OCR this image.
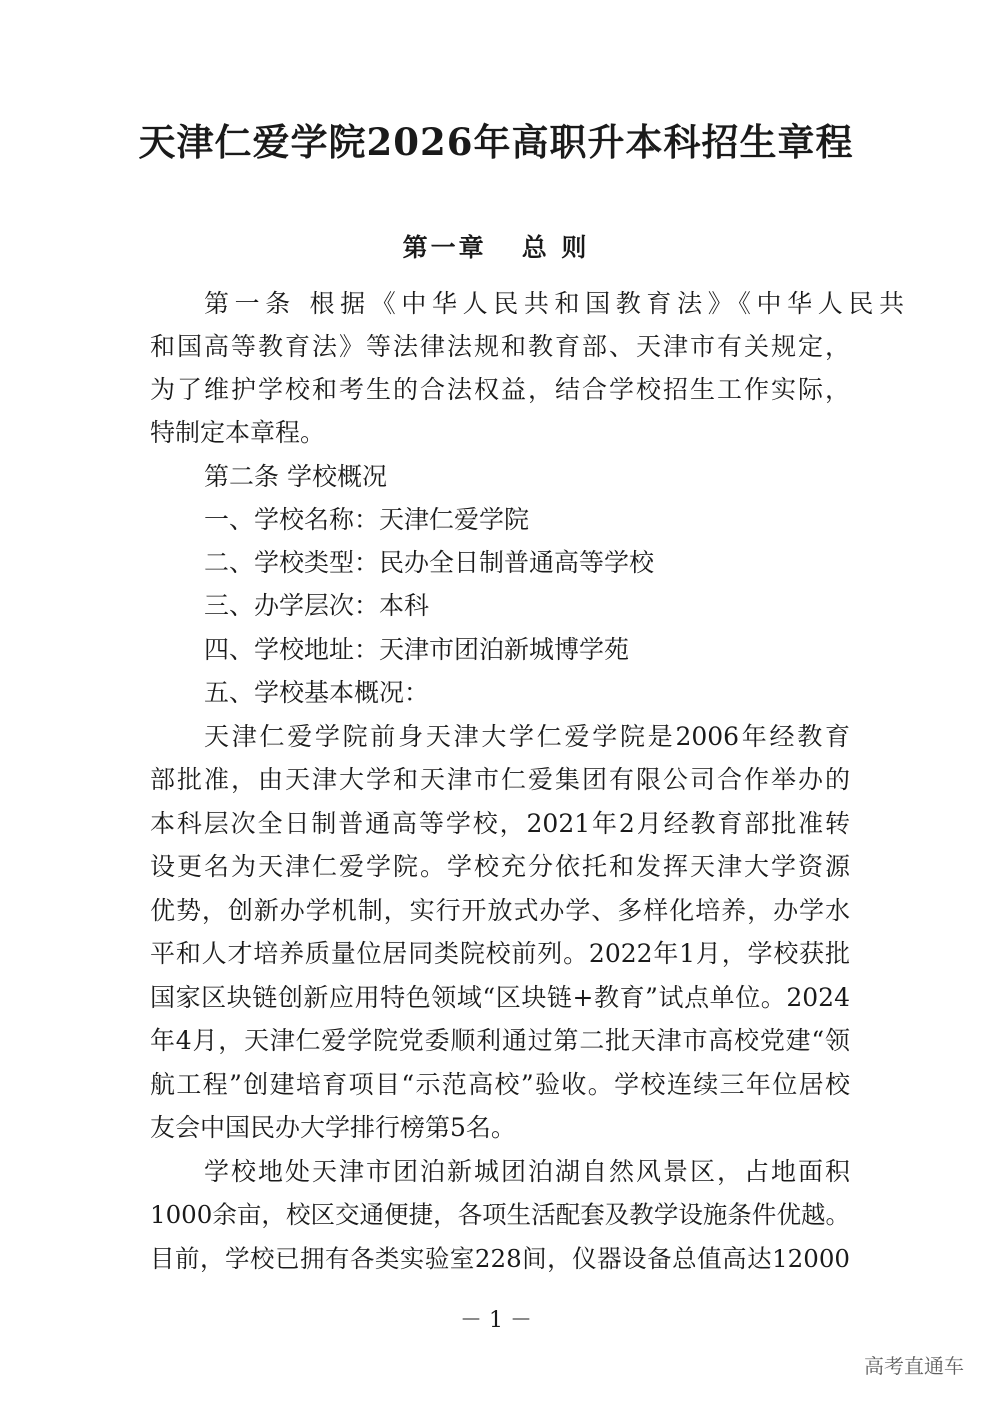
天津仁爱学院2026年高职升本科招生章程
第一章   总 则

第一条 根据《中华人民共和国教育法》《中华人民共

和国高等教育法》等法律法规和教育部、天津市有关规定，

为了维护学校和考生的合法权益，结合学校招生工作实际，

特制定本章程。

第二条 学校概况

一、学校名称：天津仁爱学院

二、学校类型：民办全日制普通高等学校

三、办学层次：本科

四、学校地址：天津市团泊新城博学苑

五、学校基本概况：

天津仁爱学院前身天津大学仁爱学院是2006年经教育

部批准，由天津大学和天津市仁爱集团有限公司合作举办的

本科层次全日制普通高等学校，2021年2月经教育部批准转

设更名为天津仁爱学院。学校充分依托和发挥天津大学资源

优势，创新办学机制，实行开放式办学、多样化培养，办学水

平和人才培养质量位居同类院校前列。2022年1月，学校获批

国家区块链创新应用特色领域“区块链+教育”试点单位。2024

年4月，天津仁爱学院党委顺利通过第二批天津市高校党建“领

航工程”创建培育项目“示范高校”验收。学校连续三年位居校

友会中国民办大学排行榜第5名。

学校地处天津市团泊新城团泊湖自然风景区，占地面积

1000余亩，校区交通便捷，各项生活配套及教学设施条件优越。

目前，学校已拥有各类实验室228间，仪器设备总值高达12000

－ 1 －
高考直通车
